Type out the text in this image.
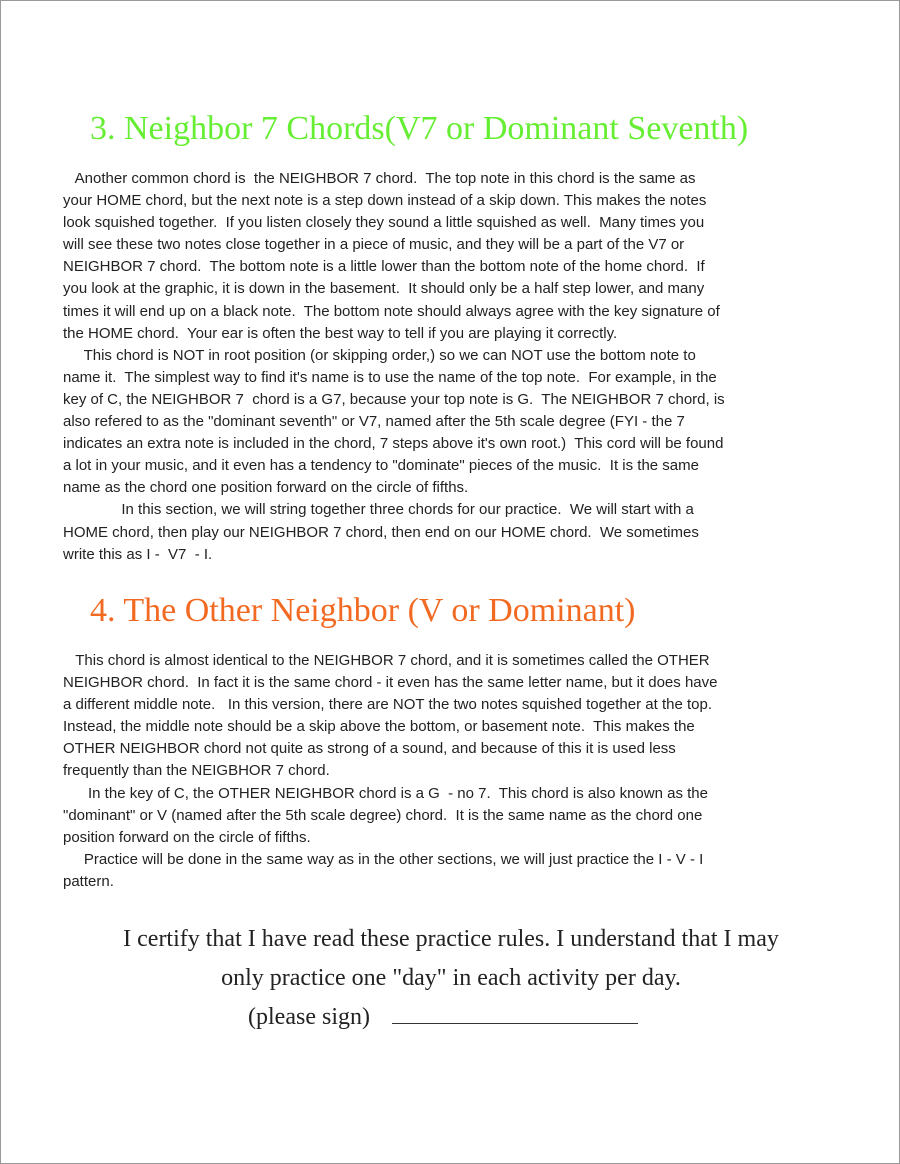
3. Neighbor 7 Chords(V7 or Dominant Seventh)
Another common chord is  the NEIGHBOR 7 chord.  The top note in this chord is the same as
your HOME chord, but the next note is a step down instead of a skip down. This makes the notes
look squished together.  If you listen closely they sound a little squished as well.  Many times you
will see these two notes close together in a piece of music, and they will be a part of the V7 or
NEIGHBOR 7 chord.  The bottom note is a little lower than the bottom note of the home chord.  If
you look at the graphic, it is down in the basement.  It should only be a half step lower, and many
times it will end up on a black note.  The bottom note should always agree with the key signature of
the HOME chord.  Your ear is often the best way to tell if you are playing it correctly.
This chord is NOT in root position (or skipping order,) so we can NOT use the bottom note to
name it.  The simplest way to find it's name is to use the name of the top note.  For example, in the
key of C, the NEIGHBOR 7  chord is a G7, because your top note is G.  The NEIGHBOR 7 chord, is
also refered to as the "dominant seventh" or V7, named after the 5th scale degree (FYI - the 7
indicates an extra note is included in the chord, 7 steps above it's own root.)  This cord will be found
a lot in your music, and it even has a tendency to "dominate" pieces of the music.  It is the same
name as the chord one position forward on the circle of fifths.
In this section, we will string together three chords for our practice.  We will start with a
HOME chord, then play our NEIGHBOR 7 chord, then end on our HOME chord.  We sometimes
write this as I -  V7  - I.
4. The Other Neighbor (V or Dominant)
This chord is almost identical to the NEIGHBOR 7 chord, and it is sometimes called the OTHER
NEIGHBOR chord.  In fact it is the same chord - it even has the same letter name, but it does have
a different middle note.   In this version, there are NOT the two notes squished together at the top.
Instead, the middle note should be a skip above the bottom, or basement note.  This makes the
OTHER NEIGHBOR chord not quite as strong of a sound, and because of this it is used less
frequently than the NEIGBHOR 7 chord.
In the key of C, the OTHER NEIGHBOR chord is a G  - no 7.  This chord is also known as the
"dominant" or V (named after the 5th scale degree) chord.  It is the same name as the chord one
position forward on the circle of fifths.
Practice will be done in the same way as in the other sections, we will just practice the I - V - I
pattern.
I certify that I have read these practice rules. I understand that I may
only practice one "day" in each activity per day.
(please sign)
